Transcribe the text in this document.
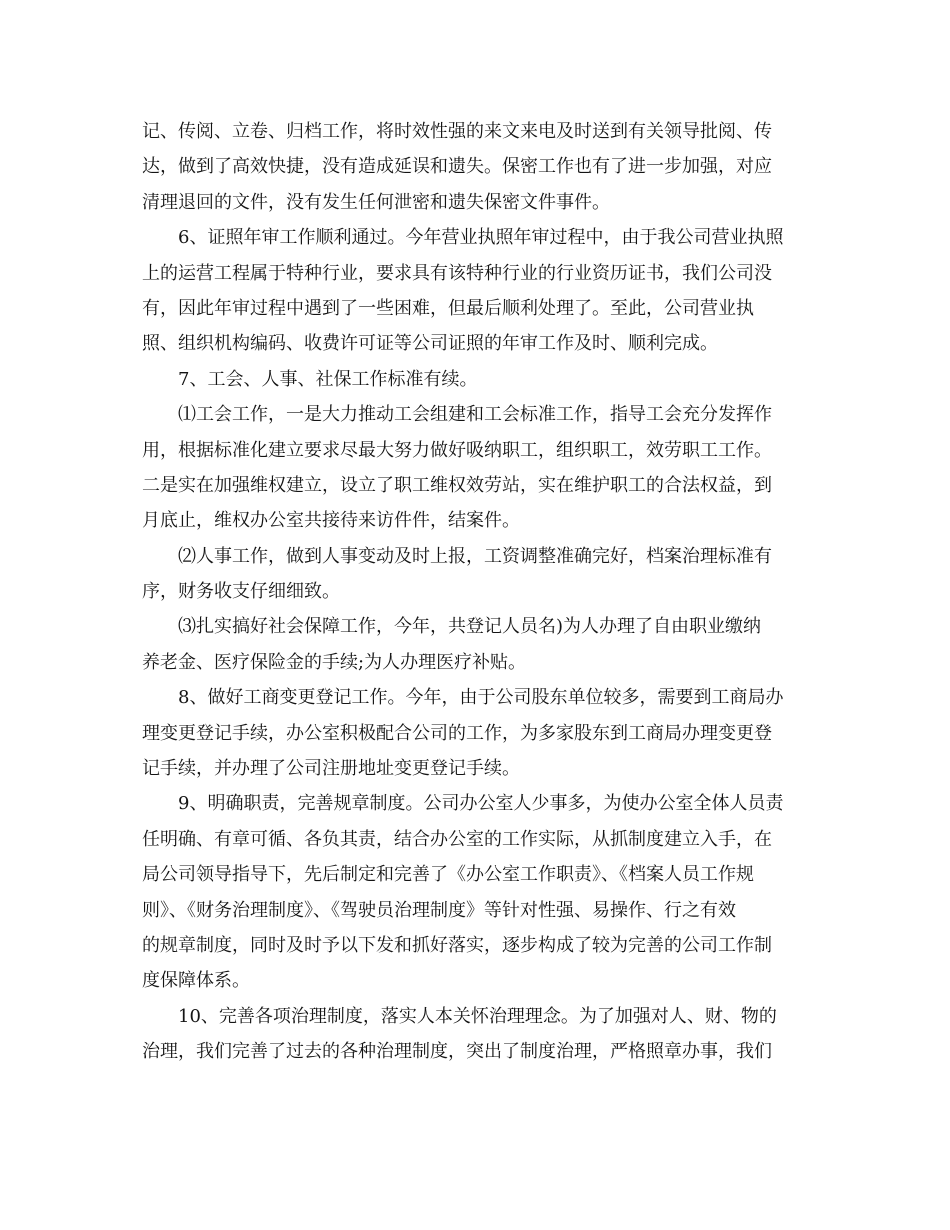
记、传阅、立卷、归档工作，将时效性强的来文来电及时送到有关领导批阅、传
达，做到了高效快捷，没有造成延误和遗失。保密工作也有了进一步加强，对应
清理退回的文件，没有发生任何泄密和遗失保密文件事件。
6、证照年审工作顺利通过。今年营业执照年审过程中，由于我公司营业执照
上的运营工程属于特种行业，要求具有该特种行业的行业资历证书，我们公司没
有，因此年审过程中遇到了一些困难，但最后顺利处理了。至此，公司营业执
照、组织机构编码、收费许可证等公司证照的年审工作及时、顺利完成。
7、工会、人事、社保工作标准有续。
⑴工会工作，一是大力推动工会组建和工会标准工作，指导工会充分发挥作
用，根据标准化建立要求尽最大努力做好吸纳职工，组织职工，效劳职工工作。
二是实在加强维权建立，设立了职工维权效劳站，实在维护职工的合法权益，到
月底止，维权办公室共接待来访件件，结案件。
⑵人事工作，做到人事变动及时上报，工资调整准确完好，档案治理标准有
序，财务收支仔细细致。
⑶扎实搞好社会保障工作，今年，共登记人员名)为人办理了自由职业缴纳
养老金、医疗保险金的手续;为人办理医疗补贴。
8、做好工商变更登记工作。今年，由于公司股东单位较多，需要到工商局办
理变更登记手续，办公室积极配合公司的工作，为多家股东到工商局办理变更登
记手续，并办理了公司注册地址变更登记手续。
9、明确职责，完善规章制度。公司办公室人少事多，为使办公室全体人员责
任明确、有章可循、各负其责，结合办公室的工作实际，从抓制度建立入手，在
局公司领导指导下，先后制定和完善了《办公室工作职责》、《档案人员工作规
则》、《财务治理制度》、《驾驶员治理制度》等针对性强、易操作、行之有效
的规章制度，同时及时予以下发和抓好落实，逐步构成了较为完善的公司工作制
度保障体系。
10、完善各项治理制度，落实人本关怀治理理念。为了加强对人、财、物的
治理，我们完善了过去的各种治理制度，突出了制度治理，严格照章办事，我们
